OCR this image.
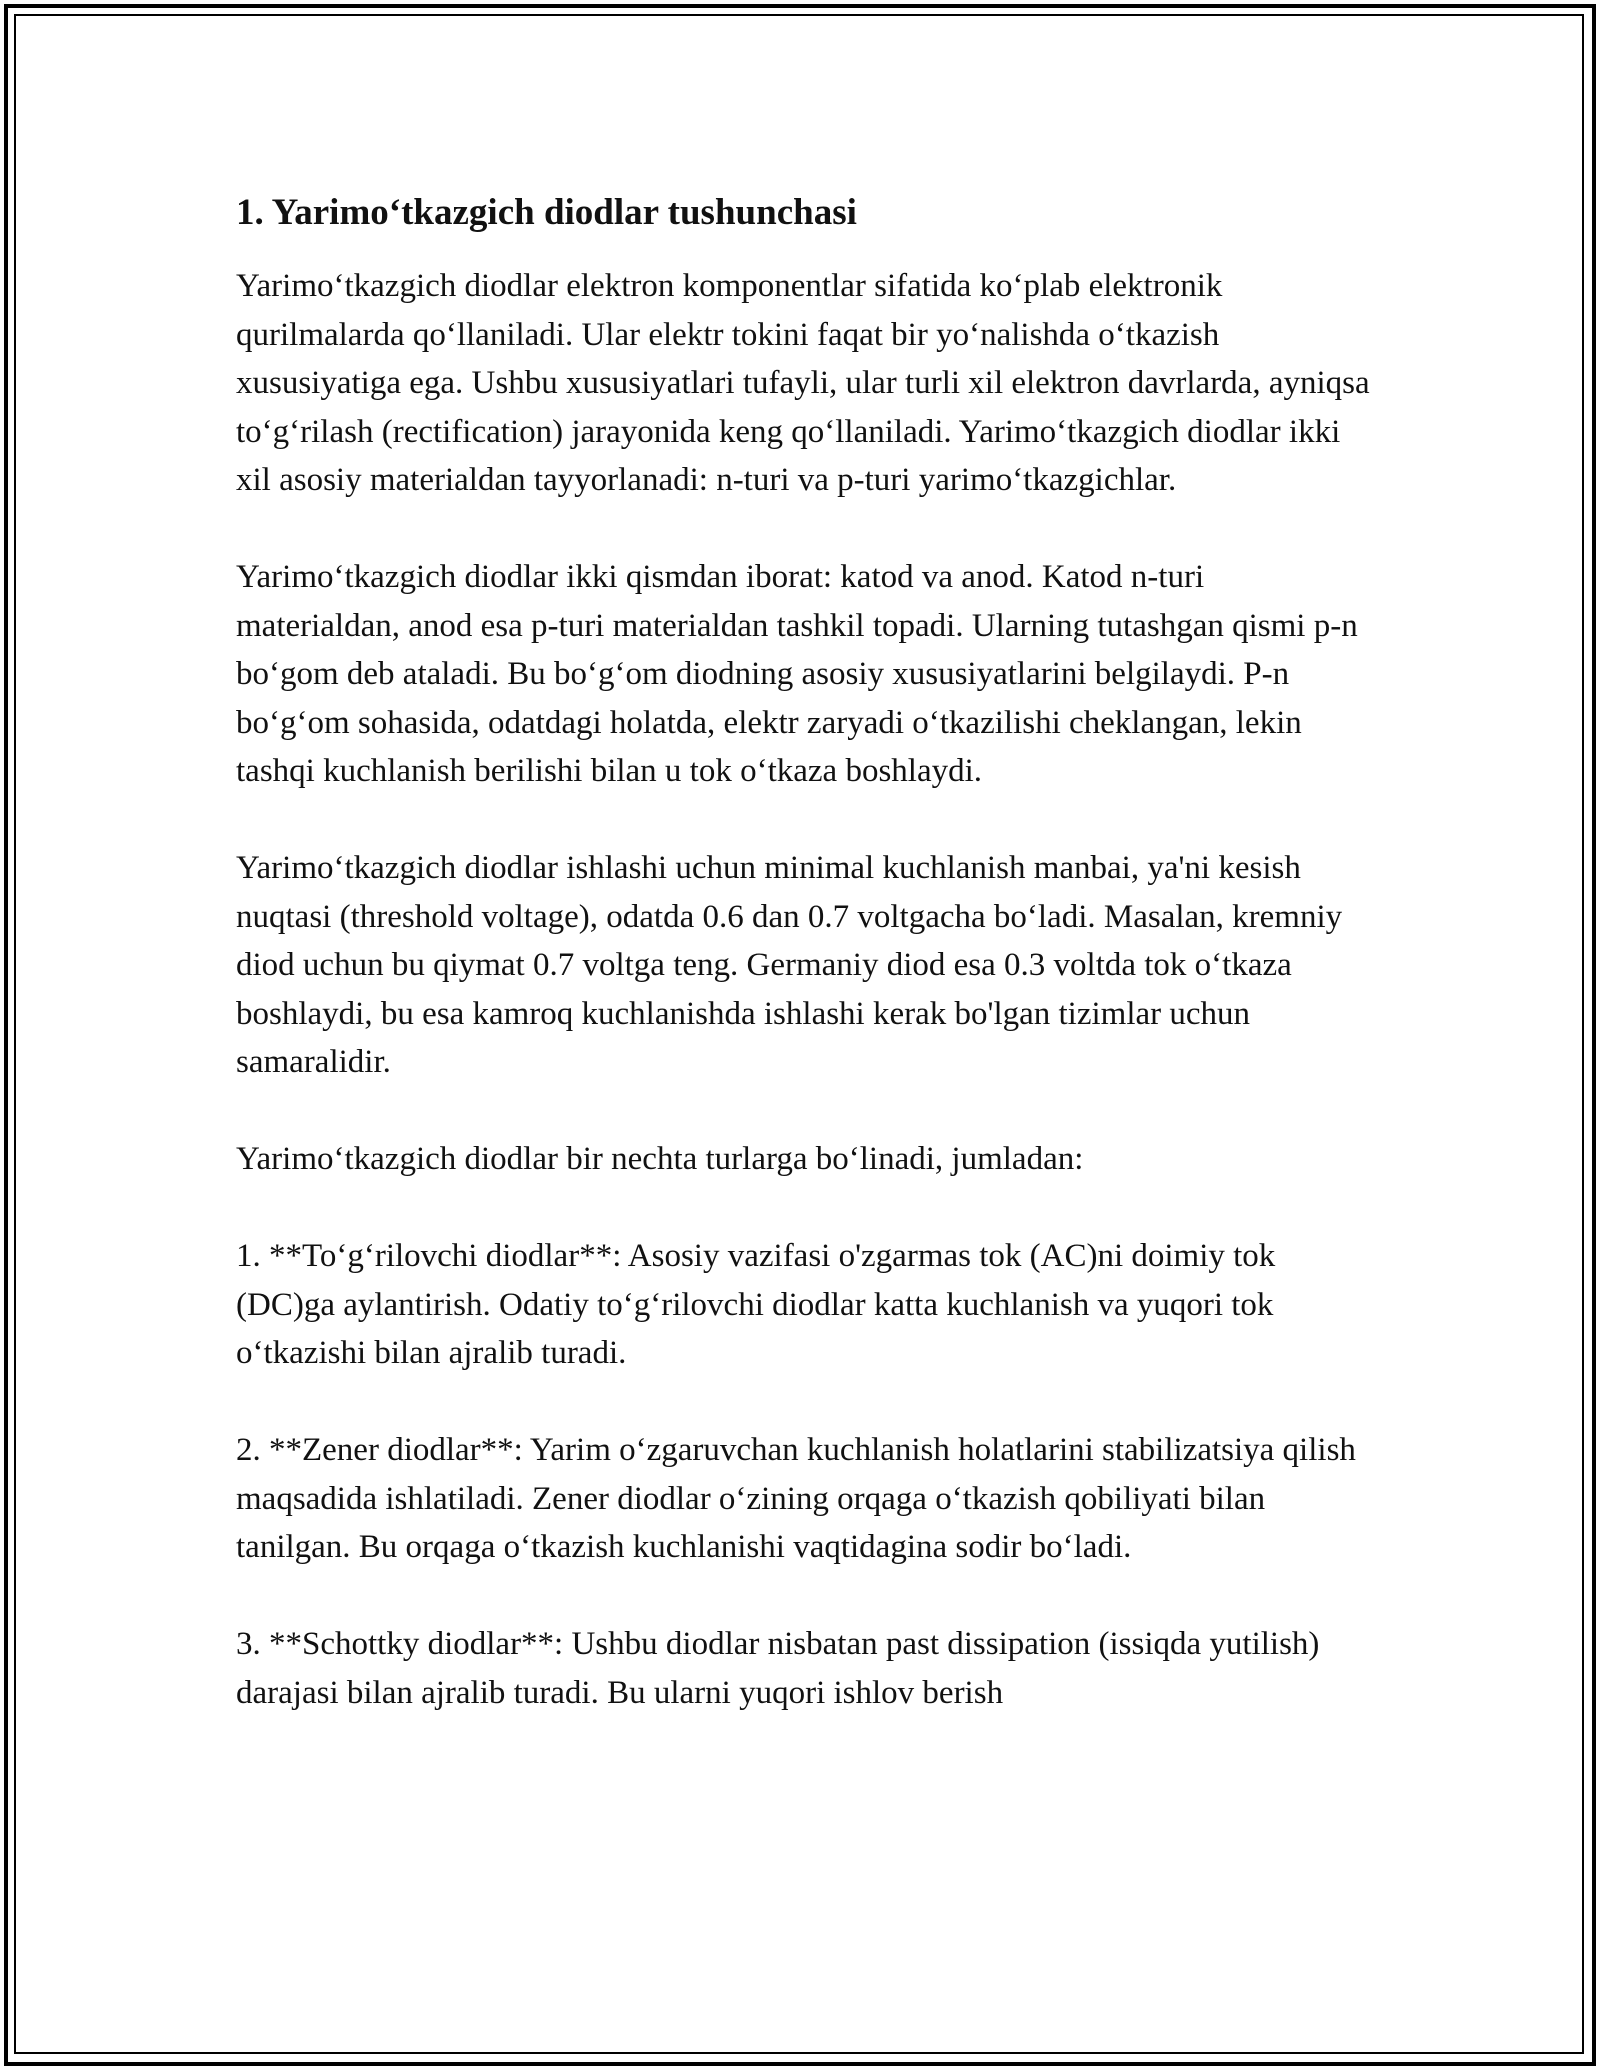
1. Yarimo‘tkazgich diodlar tushunchasi

Yarimo‘tkazgich diodlar elektron komponentlar sifatida ko‘plab elektronik qurilmalarda qo‘llaniladi. Ular elektr tokini faqat bir yo‘nalishda o‘tkazish xususiyatiga ega. Ushbu xususiyatlari tufayli, ular turli xil elektron davrlarda, ayniqsa to‘g‘rilash (rectification) jarayonida keng qo‘llaniladi. Yarimo‘tkazgich diodlar ikki xil asosiy materialdan tayyorlanadi: n-turi va p-turi yarimo‘tkazgichlar.

Yarimo‘tkazgich diodlar ikki qismdan iborat: katod va anod. Katod n-turi materialdan, anod esa p-turi materialdan tashkil topadi. Ularning tutashgan qismi p-n bo‘gom deb ataladi. Bu bo‘g‘om diodning asosiy xususiyatlarini belgilaydi. P-n bo‘g‘om sohasida, odatdagi holatda, elektr zaryadi o‘tkazilishi cheklangan, lekin tashqi kuchlanish berilishi bilan u tok o‘tkaza boshlaydi.

Yarimo‘tkazgich diodlar ishlashi uchun minimal kuchlanish manbai, ya'ni kesish nuqtasi (threshold voltage), odatda 0.6 dan 0.7 voltgacha bo‘ladi. Masalan, kremniy diod uchun bu qiymat 0.7 voltga teng. Germaniy diod esa 0.3 voltda tok o‘tkaza boshlaydi, bu esa kamroq kuchlanishda ishlashi kerak bo'lgan tizimlar uchun samaralidir.

Yarimo‘tkazgich diodlar bir nechta turlarga bo‘linadi, jumladan:

1. **To‘g‘rilovchi diodlar**: Asosiy vazifasi o'zgarmas tok (AC)ni doimiy tok (DC)ga aylantirish. Odatiy to‘g‘rilovchi diodlar katta kuchlanish va yuqori tok o‘tkazishi bilan ajralib turadi.

2. **Zener diodlar**: Yarim o‘zgaruvchan kuchlanish holatlarini stabilizatsiya qilish maqsadida ishlatiladi. Zener diodlar o‘zining orqaga o‘tkazish qobiliyati bilan tanilgan. Bu orqaga o‘tkazish kuchlanishi vaqtidagina sodir bo‘ladi.

3. **Schottky diodlar**: Ushbu diodlar nisbatan past dissipation (issiqda yutilish) darajasi bilan ajralib turadi. Bu ularni yuqori ishlov berish
